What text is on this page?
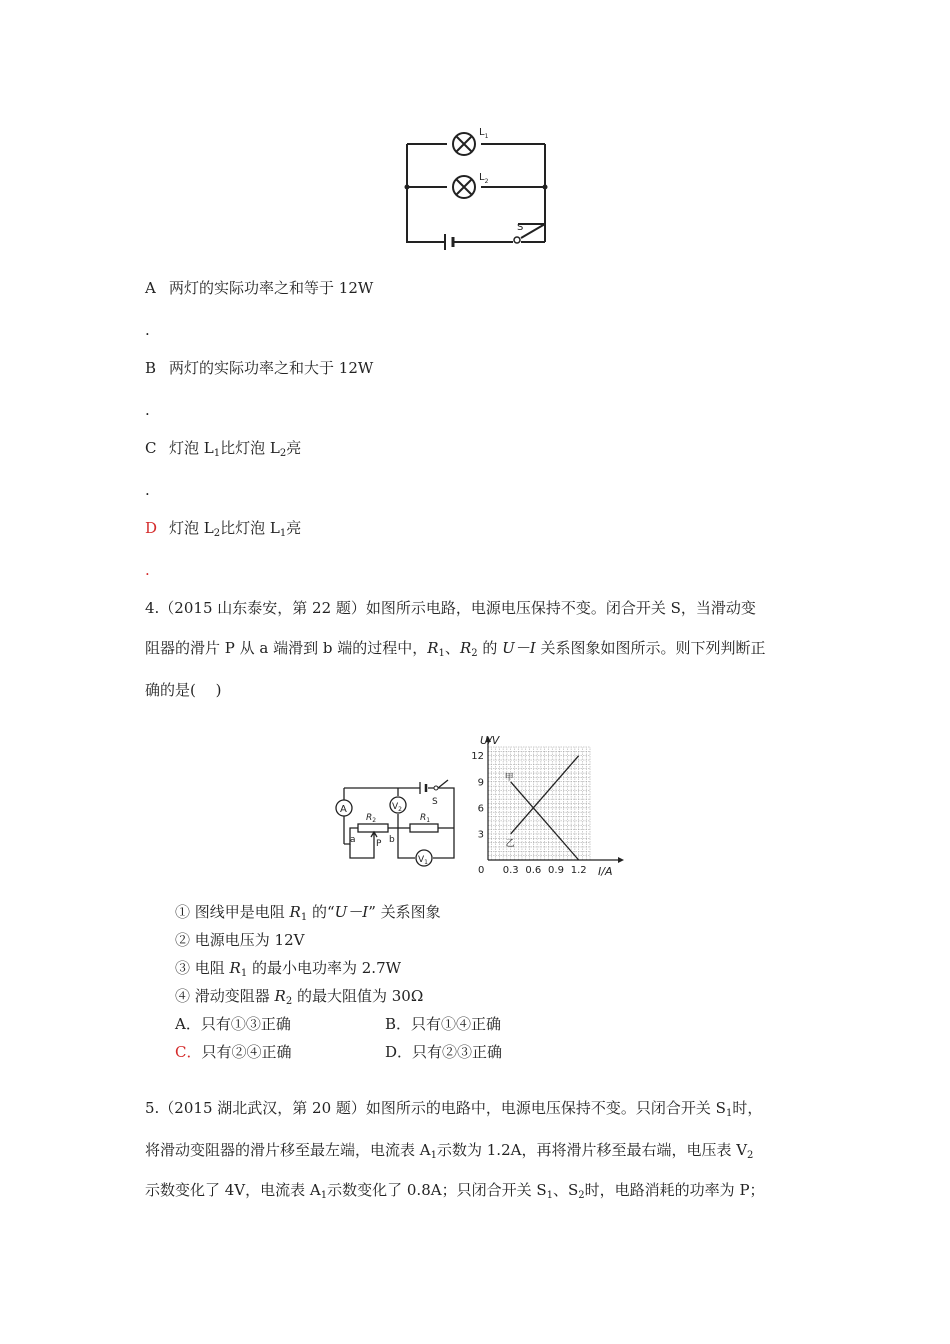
$L_1$
$L_2$
S
A 两灯的实际功率之和等于 12W
.
B 两灯的实际功率之和大于 12W
.
C 灯泡 $L_1$比灯泡 $L_2$亮
.
D 灯泡 $L_2$比灯泡 $L_1$亮
.
4.（2015 山东泰安，第 22 题）如图所示电路，电源电压保持不变。闭合开关 S，当滑动变
阻器的滑片 P 从 a 端滑到 b 端的过程中，$R_1$、$R_2$ 的 U－I 关系图象如图所示。则下列判断正
确的是(　 )
A	$V_2$
$V_1$
$R_2$	$R_1$
S
a P b
12
9
6
3
0 0.3 0.6 0.9 1.2
U/V
I/A
甲
乙
① 图线甲是电阻 $R_1$ 的“U－I” 关系图象
② 电源电压为 12V
③ 电阻 $R_1$ 的最小电功率为 2.7W
④ 滑动变阻器 $R_2$ 的最大阻值为 30Ω
A．只有①③正确	B．只有①④正确
C．只有②④正确	D．只有②③正确
5.（2015 湖北武汉，第 20 题）如图所示的电路中，电源电压保持不变。只闭合开关 $S_1$时，
将滑动变阻器的滑片移至最左端，电流表 $A_1$示数为 1.2A，再将滑片移至最右端，电压表 $V_2$
示数变化了 4V，电流表 $A_1$示数变化了 0.8A；只闭合开关 $S_1$、$S_2$时，电路消耗的功率为 P；
